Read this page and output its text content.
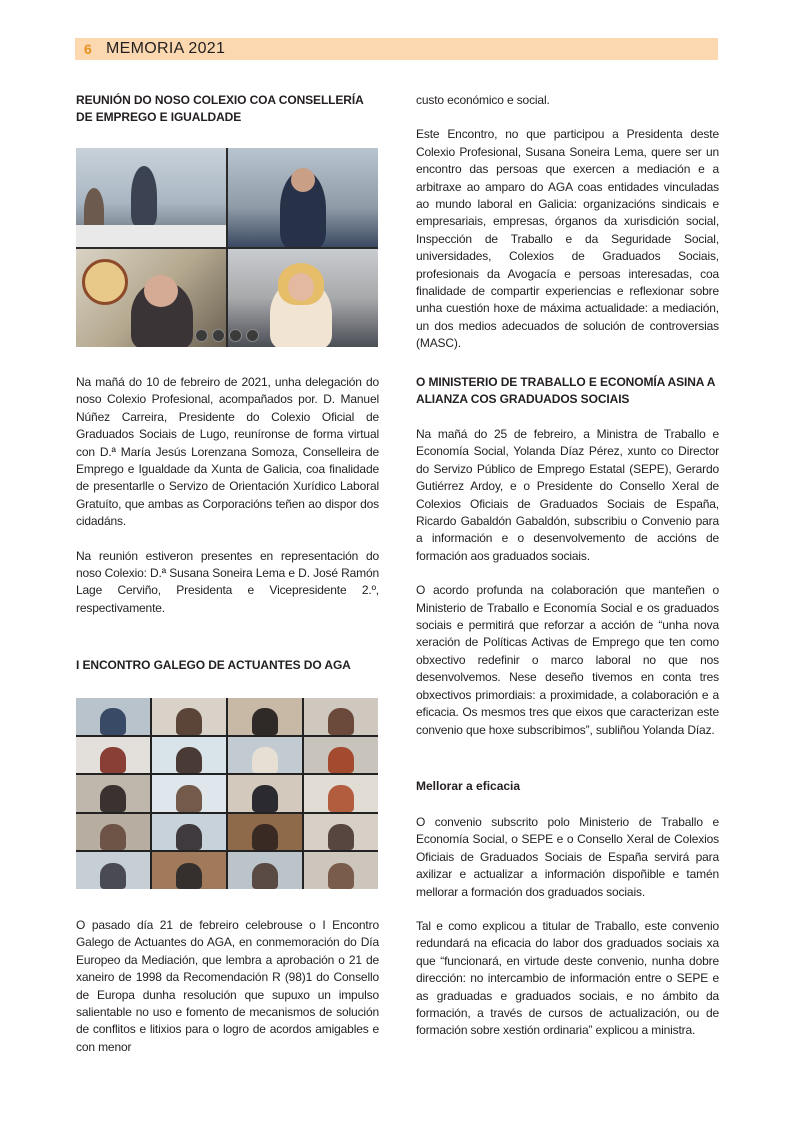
6 MEMORIA 2021
REUNIÓN DO NOSO COLEXIO COA CONSELLERÍA DE EMPREGO E IGUALDADE

Na mañá do 10 de febreiro de 2021, unha delegación do noso Colexio Profesional, acompañados por. D. Manuel Núñez Carreira, Presidente do Colexio Oficial de Graduados Sociais de Lugo, reuníronse de forma virtual con D.ª María Jesús Lorenzana Somoza, Conselleira de Emprego e Igualdade da Xunta de Galicia, coa finalidade de presentarlle o Servizo de Orientación Xurídico Laboral Gratuíto, que ambas as Corporacións teñen ao dispor dos cidadáns.

Na reunión estiveron presentes en representación do noso Colexio: D.ª Susana Soneira Lema e D. José Ramón Lage Cerviño, Presidenta e Vicepresidente 2.º, respectivamente.

I ENCONTRO GALEGO DE ACTUANTES DO AGA

O pasado día 21 de febreiro celebrouse o I Encontro Galego de Actuantes do AGA, en conmemoración do Día Europeo da Mediación, que lembra a aprobación o 21 de xaneiro de 1998 da Recomendación R (98)1 do Consello de Europa dunha resolución que supuxo un impulso salientable no uso e fomento de mecanismos de solución de conflitos e litixios para o logro de acordos amigables e con menor

custo económico e social.

Este Encontro, no que participou a Presidenta deste Colexio Profesional, Susana Soneira Lema, quere ser un encontro das persoas que exercen a mediación e a arbitraxe ao amparo do AGA coas entidades vinculadas ao mundo laboral en Galicia: organizacións sindicais e empresariais, empresas, órganos da xurisdición social, Inspección de Traballo e da Seguridade Social, universidades, Colexios de Graduados Sociais, profesionais da Avogacía e persoas interesadas, coa finalidade de compartir experiencias e reflexionar sobre unha cuestión hoxe de máxima actualidade: a mediación, un dos medios adecuados de solución de controversias (MASC).

O MINISTERIO DE TRABALLO E ECONOMÍA ASINA A ALIANZA COS GRADUADOS SOCIAIS

Na mañá do 25 de febreiro, a Ministra de Traballo e Economía Social, Yolanda Díaz Pérez, xunto co Director do Servizo Público de Emprego Estatal (SEPE), Gerardo Gutiérrez Ardoy, e o Presidente do Consello Xeral de Colexios Oficiais de Graduados Sociais de España, Ricardo Gabaldón Gabaldón, subscribiu o Convenio para a información e o desenvolvemento de accións de formación aos graduados sociais.

O acordo profunda na colaboración que manteñen o Ministerio de Traballo e Economía Social e os graduados sociais e permitirá que reforzar a acción de “unha nova xeración de Políticas Activas de Emprego que ten como obxectivo redefinir o marco laboral no que nos desenvolvemos. Nese deseño tivemos en conta tres obxectivos primordiais: a proximidade, a colaboración e a eficacia. Os mesmos tres que eixos que caracterizan este convenio que hoxe subscribimos”, subliñou Yolanda Díaz.

Mellorar a eficacia

O convenio subscrito polo Ministerio de Traballo e Economía Social, o SEPE e o Consello Xeral de Colexios Oficiais de Graduados Sociais de España servirá para axilizar e actualizar a información dispoñible e tamén mellorar a formación dos graduados sociais.

Tal e como explicou a titular de Traballo, este convenio redundará na eficacia do labor dos graduados sociais xa que “funcionará, en virtude deste convenio, nunha dobre dirección: no intercambio de información entre o SEPE e as graduadas e graduados sociais, e no ámbito da formación, a través de cursos de actualización, ou de formación sobre xestión ordinaria” explicou a ministra.
